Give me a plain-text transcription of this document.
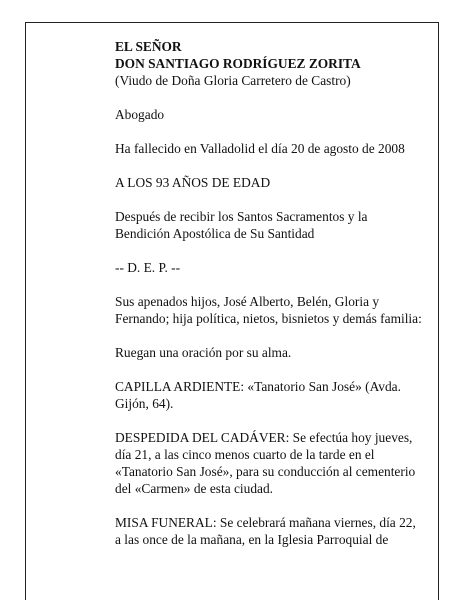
EL SEÑOR

DON SANTIAGO RODRÍGUEZ ZORITA

(Viudo de Doña Gloria Carretero de Castro)

Abogado

Ha fallecido en Valladolid el día 20 de agosto de 2008

A LOS 93 AÑOS DE EDAD

Después de recibir los Santos Sacramentos y la Bendición Apostólica de Su Santidad

-- D. E. P. --

Sus apenados hijos, José Alberto, Belén, Gloria y Fernando; hija política, nietos, bisnietos y demás familia:

Ruegan una oración por su alma.

CAPILLA ARDIENTE: «Tanatorio San José» (Avda. Gijón, 64).

DESPEDIDA DEL CADÁVER: Se efectúa hoy jueves, día 21, a las cinco menos cuarto de la tarde en el «Tanatorio San José», para su conducción al cementerio del «Carmen» de esta ciudad.

MISA FUNERAL: Se celebrará mañana viernes, día 22, a las once de la mañana, en la Iglesia Parroquial de
